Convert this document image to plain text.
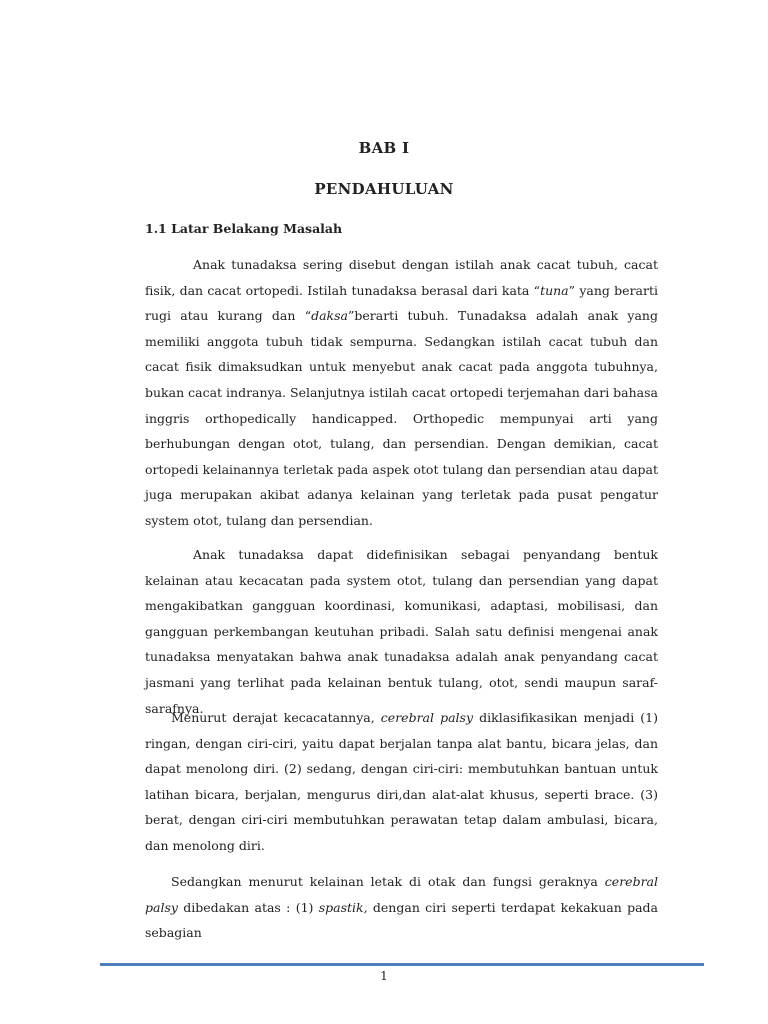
BAB I
PENDAHULUAN
1.1 Latar Belakang Masalah

Anak tunadaksa sering disebut dengan istilah anak cacat tubuh, cacat fisik, dan cacat ortopedi. Istilah tunadaksa berasal dari kata “tuna” yang berarti rugi atau kurang dan “daksa”berarti tubuh. Tunadaksa adalah anak yang memiliki anggota tubuh tidak sempurna. Sedangkan istilah cacat tubuh dan cacat fisik dimaksudkan untuk menyebut anak cacat pada anggota tubuhnya, bukan cacat indranya. Selanjutnya istilah cacat ortopedi terjemahan dari bahasa inggris orthopedically handicapped. Orthopedic mempunyai arti yang berhubungan dengan otot, tulang, dan persendian. Dengan demikian, cacat ortopedi kelainannya terletak pada aspek otot tulang dan persendian atau dapat juga merupakan akibat adanya kelainan yang terletak pada pusat pengatur system otot, tulang dan persendian.

Anak tunadaksa dapat didefinisikan sebagai penyandang bentuk kelainan atau kecacatan pada system otot, tulang dan persendian yang dapat mengakibatkan gangguan koordinasi, komunikasi, adaptasi, mobilisasi, dan gangguan perkembangan keutuhan pribadi. Salah satu definisi mengenai anak tunadaksa menyatakan bahwa anak tunadaksa adalah anak penyandang cacat jasmani yang terlihat pada kelainan bentuk tulang, otot, sendi maupun saraf-sarafnya.

Menurut derajat kecacatannya, cerebral palsy diklasifikasikan menjadi (1) ringan, dengan ciri-ciri, yaitu dapat berjalan tanpa alat bantu, bicara jelas, dan dapat menolong diri. (2) sedang, dengan ciri-ciri: membutuhkan bantuan untuk latihan bicara, berjalan, mengurus diri,dan alat-alat khusus, seperti brace. (3) berat, dengan ciri-ciri membutuhkan perawatan tetap dalam ambulasi, bicara, dan menolong diri.

Sedangkan menurut kelainan letak di otak dan fungsi geraknya cerebral palsy dibedakan atas : (1) spastik, dengan ciri seperti terdapat kekakuan pada sebagian

1
